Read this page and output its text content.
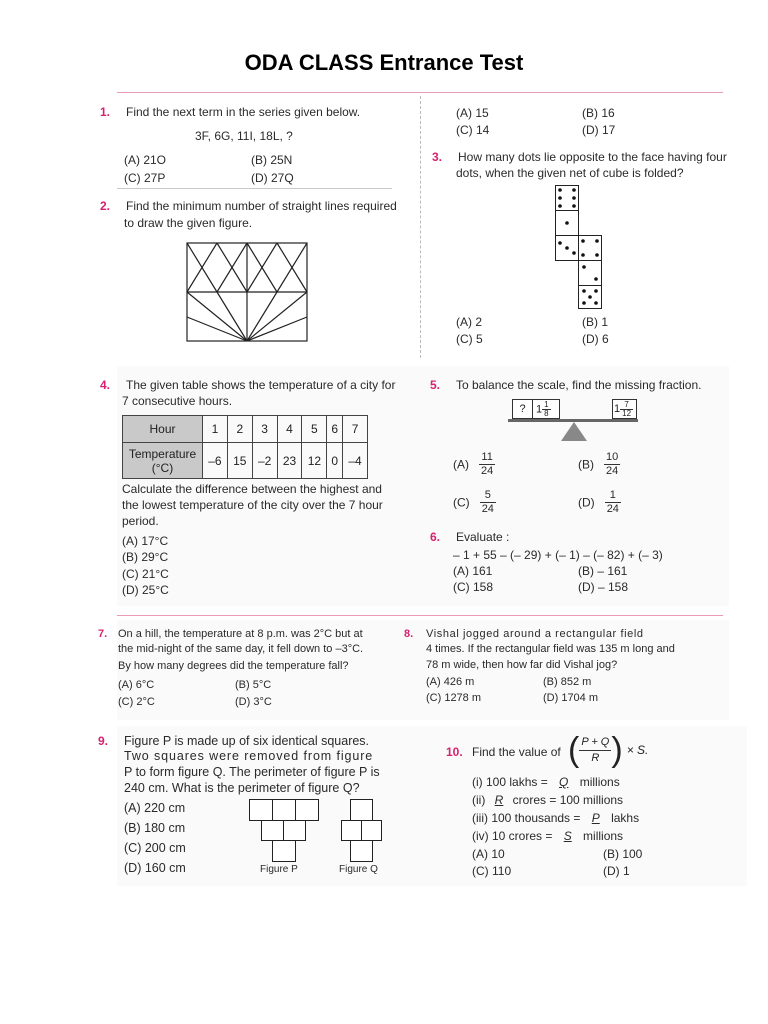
ODA CLASS Entrance Test
1. Find the next term in the series given below.
3F, 6G, 11I, 18L, ?
(A) 21O	(B) 25N
(C) 27P	(D) 27Q
2. Find the minimum number of straight lines required
to draw the given figure.
(A) 15	(B) 16
(C) 14	(D) 17
3. How many dots lie opposite to the face having four
dots, when the given net of cube is folded?
(A) 2	(B) 1
(C) 5	(D) 6
4. The given table shows the temperature of a city for
7 consecutive hours.
Hour	1	2	3	4	5	6	7
Temperature
(°C)	–6	15	–2	23	12	0	–4
Calculate the difference between the highest and
the lowest temperature of the city over the 7 hour
period.
(A) 17°C
(B) 29°C
(C) 21°C
(D) 25°C
5. To balance the scale, find the missing fraction.
? $1 \frac{1}{8}$	$1 \frac{7}{12}$
$(A) \frac{11}{24}$	$(B) \frac{10}{24}$
$(C) \frac{5}{24}$	$(D) \frac{1}{24}$
6. Evaluate :
– 1 + 55 – (– 29) + (– 1) – (– 82) + (– 3)
(A) 161	(B) – 161
(C) 158	(D) – 158
7. On a hill, the temperature at 8 p.m. was 2°C but at
the mid-night of the same day, it fell down to –3°C.
By how many degrees did the temperature fall?
(A) 6°C	(B) 5°C
(C) 2°C	(D) 3°C
8. Vishal jogged around a rectangular field
4 times. If the rectangular field was 135 m long and
78 m wide, then how far did Vishal jog?
(A) 426 m	(B) 852 m
(C) 1278 m	(D) 1704 m
9. Figure P is made up of six identical squares.
Two squares were removed from figure
P to form figure Q. The perimeter of figure P is
240 cm. What is the perimeter of figure Q?
(A) 220 cm
(B) 180 cm
(C) 200 cm
(D) 160 cm	Figure P	Figure Q
10. Find the value of ( $\frac{P + Q}{R}$ ) × S.
(i) 100 lakhs = Q millions
(ii) R crores = 100 millions
(iii) 100 thousands = P lakhs
(iv) 10 crores = S millions
(A) 10	(B) 100
(C) 110	(D) 1
